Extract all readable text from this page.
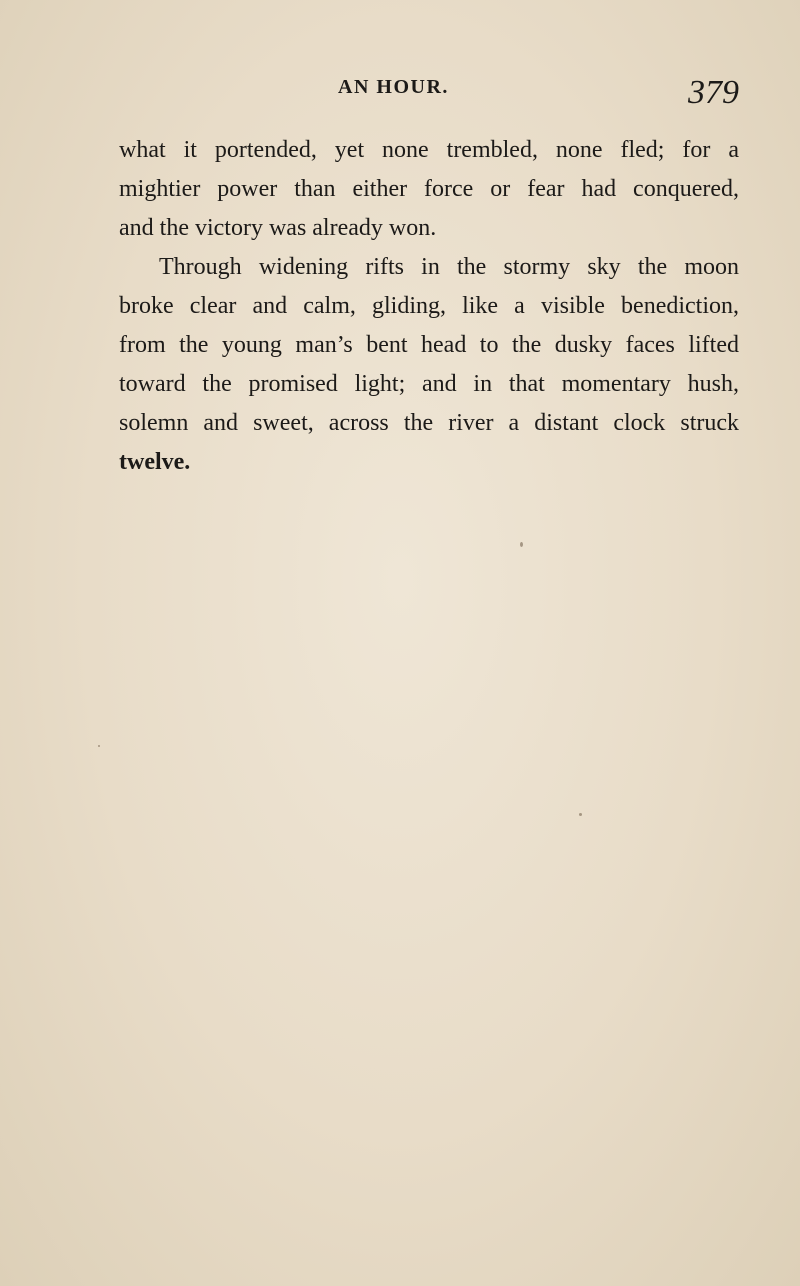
AN HOUR.	379
what it portended, yet none trembled, none fled; for a
mightier power than either force or fear had conquered,
and the victory was already won.
Through widening rifts in the stormy sky the moon
broke clear and calm, gliding, like a visible benediction,
from the young man’s bent head to the dusky faces lifted
toward the promised light; and in that momentary hush,
solemn and sweet, across the river a distant clock struck
twelve.
